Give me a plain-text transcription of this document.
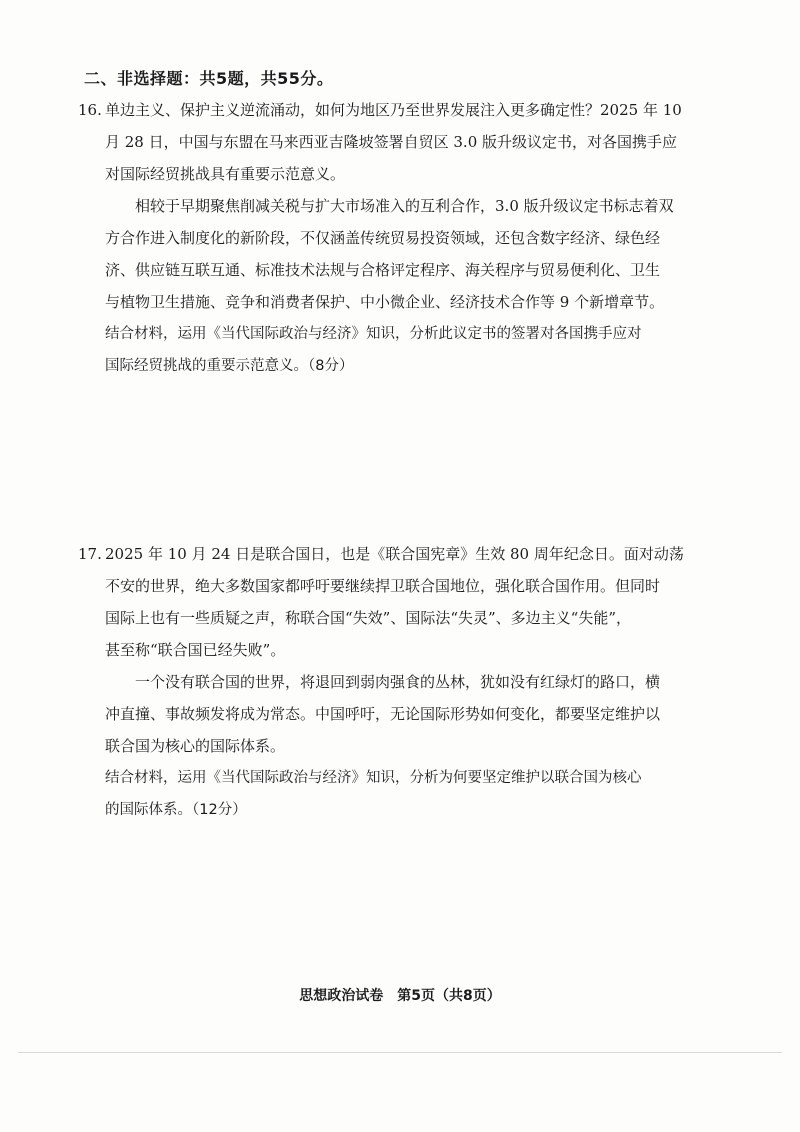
二、非选择题：共5题，共55分。
16. 单边主义、保护主义逆流涌动，如何为地区乃至世界发展注入更多确定性？2025 年 10
月 28 日，中国与东盟在马来西亚吉隆坡签署自贸区 3.0 版升级议定书，对各国携手应
对国际经贸挑战具有重要示范意义。
相较于早期聚焦削减关税与扩大市场准入的互利合作，3.0 版升级议定书标志着双
方合作进入制度化的新阶段，不仅涵盖传统贸易投资领域，还包含数字经济、绿色经
济、供应链互联互通、标准技术法规与合格评定程序、海关程序与贸易便利化、卫生
与植物卫生措施、竞争和消费者保护、中小微企业、经济技术合作等 9 个新增章节。
结合材料，运用《当代国际政治与经济》知识，分析此议定书的签署对各国携手应对
国际经贸挑战的重要示范意义。（8分）
17. 2025 年 10 月 24 日是联合国日，也是《联合国宪章》生效 80 周年纪念日。面对动荡
不安的世界，绝大多数国家都呼吁要继续捍卫联合国地位，强化联合国作用。但同时
国际上也有一些质疑之声，称联合国“失效”、国际法“失灵”、多边主义“失能”，
甚至称“联合国已经失败”。
一个没有联合国的世界，将退回到弱肉强食的丛林，犹如没有红绿灯的路口，横
冲直撞、事故频发将成为常态。中国呼吁，无论国际形势如何变化，都要坚定维护以
联合国为核心的国际体系。
结合材料，运用《当代国际政治与经济》知识，分析为何要坚定维护以联合国为核心
的国际体系。（12分）
思想政治试卷　第5页（共8页）
